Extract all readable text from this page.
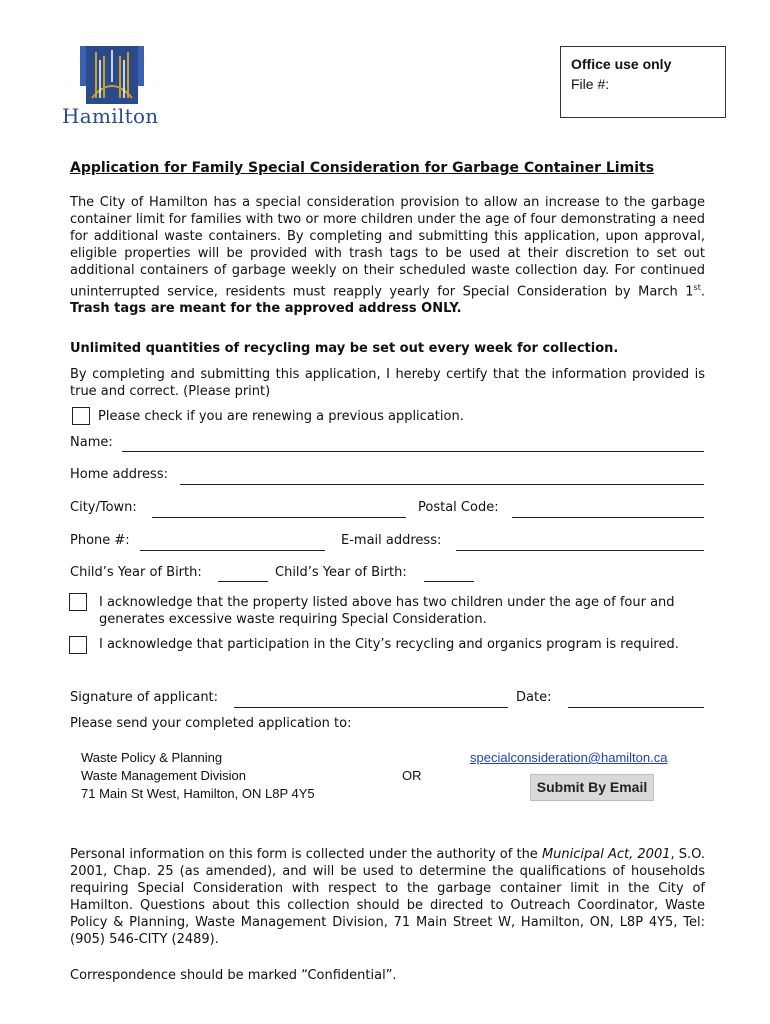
Hamilton
Office use only
File #:
Application for Family Special Consideration for Garbage Container Limits
The City of Hamilton has a special consideration provision to allow an increase to the garbage container limit for families with two or more children under the age of four demonstrating a need for additional waste containers. By completing and submitting this application, upon approval, eligible properties will be provided with trash tags to be used at their discretion to set out additional containers of garbage weekly on their scheduled waste collection day. For continued uninterrupted service, residents must reapply yearly for Special Consideration by March 1st. Trash tags are meant for the approved address ONLY.
Unlimited quantities of recycling may be set out every week for collection.
By completing and submitting this application, I hereby certify that the information provided is true and correct. (Please print)
Please check if you are renewing a previous application.
Name:
Home address:
City/Town:	Postal Code:
Phone #:	E-mail address:
Child’s Year of Birth:	Child’s Year of Birth:
I acknowledge that the property listed above has two children under the age of four and generates excessive waste requiring Special Consideration.
I acknowledge that participation in the City’s recycling and organics program is required.
Signature of applicant:	Date:
Please send your completed application to:
Waste Policy & Planning
Waste Management Division
71 Main St West, Hamilton, ON L8P 4Y5
OR
specialconsideration@hamilton.ca
Submit By Email
Personal information on this form is collected under the authority of the Municipal Act, 2001, S.O. 2001, Chap. 25 (as amended), and will be used to determine the qualifications of households requiring Special Consideration with respect to the garbage container limit in the City of Hamilton. Questions about this collection should be directed to Outreach Coordinator, Waste Policy & Planning, Waste Management Division, 71 Main Street W, Hamilton, ON, L8P 4Y5, Tel: (905) 546-CITY (2489).
Correspondence should be marked “Confidential”.
